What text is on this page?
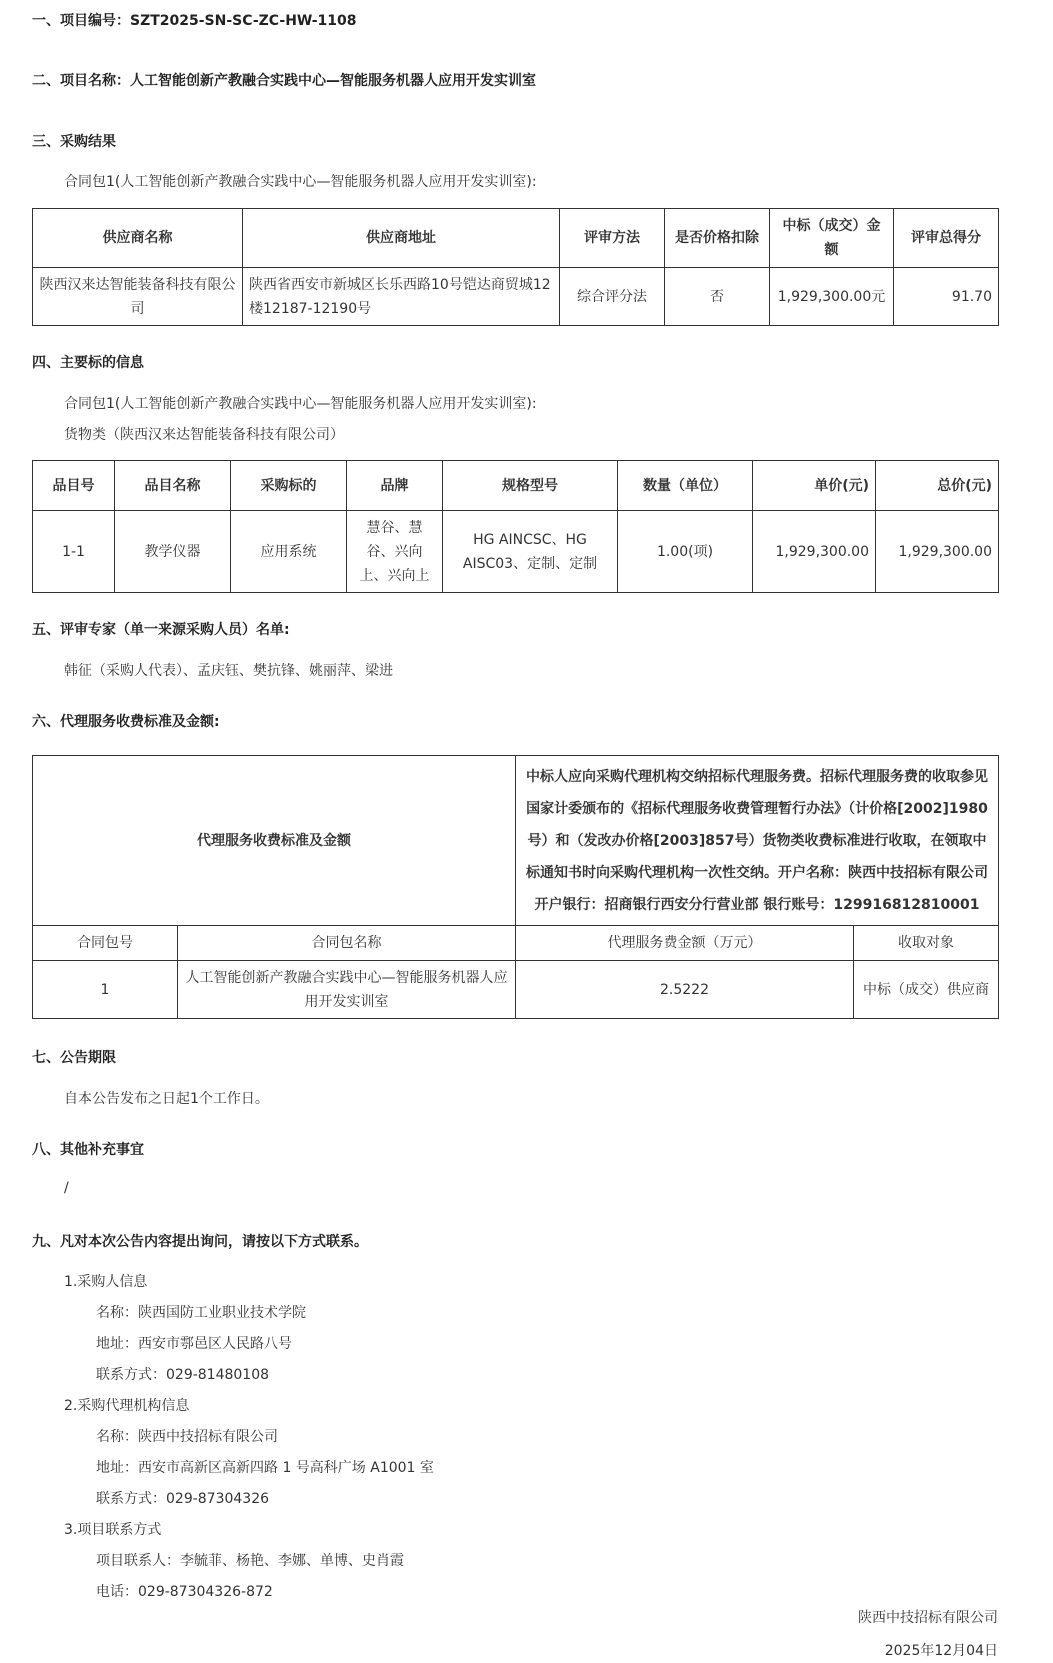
一、项目编号：SZT2025-SN-SC-ZC-HW-1108
二、项目名称：人工智能创新产教融合实践中心—智能服务机器人应用开发实训室
三、采购结果
合同包1(人工智能创新产教融合实践中心—智能服务机器人应用开发实训室):
供应商名称	供应商地址	评审方法	是否价格扣除	中标（成交）金额	评审总得分
陕西汉来达智能装备科技有限公司	陕西省西安市新城区长乐西路10号铠达商贸城12楼12187-12190号	综合评分法	否	1,929,300.00元	91.70
四、主要标的信息
合同包1(人工智能创新产教融合实践中心—智能服务机器人应用开发实训室):
货物类（陕西汉来达智能装备科技有限公司）
品目号	品目名称	采购标的	品牌	规格型号	数量（单位）	单价(元)	总价(元)
1-1	教学仪器	应用系统	慧谷、慧谷、兴向上、兴向上	HG AINCSC、HG AISC03、定制、定制	1.00(项)	1,929,300.00	1,929,300.00
五、评审专家（单一来源采购人员）名单:
韩征（采购人代表）、孟庆钰、樊抗锋、姚丽萍、梁进
六、代理服务收费标准及金额:
代理服务收费标准及金额		中标人应向采购代理机构交纳招标代理服务费。招标代理服务费的收取参见国家计委颁布的《招标代理服务收费管理暂行办法》（计价格[2002]1980号）和（发改办价格[2003]857号）货物类收费标准进行收取，在领取中标通知书时向采购代理机构一次性交纳。开户名称：陕西中技招标有限公司 开户银行：招商银行西安分行营业部 银行账号：129916812810001	
合同包号	合同包名称	代理服务费金额（万元）	收取对象
1	人工智能创新产教融合实践中心—智能服务机器人应用开发实训室	2.5222	中标（成交）供应商
七、公告期限
自本公告发布之日起1个工作日。
八、其他补充事宜
/
九、凡对本次公告内容提出询问，请按以下方式联系。
1.采购人信息
名称：陕西国防工业职业技术学院
地址：西安市鄠邑区人民路八号
联系方式：029-81480108
2.采购代理机构信息
名称：陕西中技招标有限公司
地址：西安市高新区高新四路 1 号高科广场 A1001 室
联系方式：029-87304326
3.项目联系方式
项目联系人：李毓菲、杨艳、李娜、单博、史肖霞
电话：029-87304326-872
陕西中技招标有限公司
2025年12月04日
